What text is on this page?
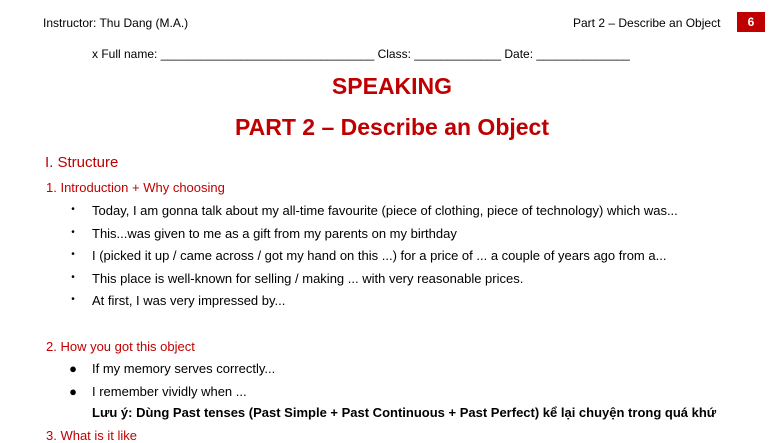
Instructor: Thu Dang (M.A.)	Part 2 – Describe an Object	6
x Full name: ________________________________ Class: _____________ Date: ______________
SPEAKING
PART 2 – Describe an Object
I. Structure
1. Introduction + Why choosing
• Today, I am gonna talk about my all-time favourite (piece of clothing, piece of technology) which was...
• This...was given to me as a gift from my parents on my birthday
• I (picked it up / came across / got my hand on this ...) for a price of ... a couple of years ago from a...
• This place is well-known for selling / making ... with very reasonable prices.
• At first, I was very impressed by...
2. How you got this object
● If my memory serves correctly...
● I remember vividly when ...
Lưu ý: Dùng Past tenses (Past Simple + Past Continuous + Past Perfect) kể lại chuyện trong quá khứ
3. What is it like
